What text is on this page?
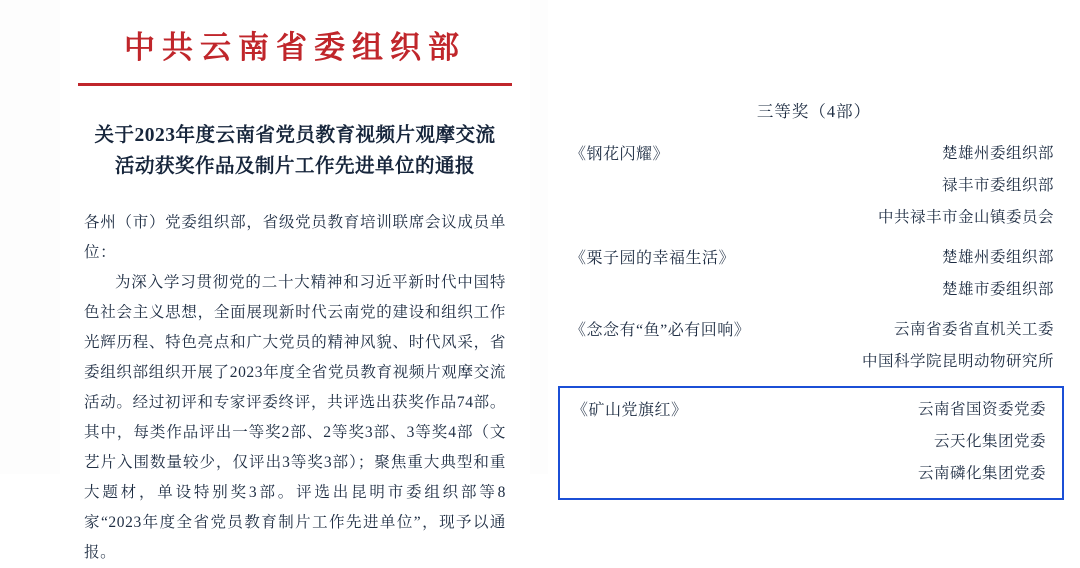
中共云南省委组织部
关于2023年度云南省党员教育视频片观摩交流
活动获奖作品及制片工作先进单位的通报

各州（市）党委组织部，省级党员教育培训联席会议成员单位：

为深入学习贯彻党的二十大精神和习近平新时代中国特色社会主义思想，全面展现新时代云南党的建设和组织工作光辉历程、特色亮点和广大党员的精神风貌、时代风采，省委组织部组织开展了2023年度全省党员教育视频片观摩交流活动。经过初评和专家评委终评，共评选出获奖作品74部。其中，每类作品评出一等奖2部、2等奖3部、3等奖4部（文艺片入围数量较少，仅评出3等奖3部）；聚焦重大典型和重大题材，单设特别奖3部。评选出昆明市委组织部等8家“2023年度全省党员教育制片工作先进单位”，现予以通报。

三等奖（4部）
《钢花闪耀》	楚雄州委组织部
禄丰市委组织部
中共禄丰市金山镇委员会
《栗子园的幸福生活》	楚雄州委组织部
楚雄市委组织部
《念念有“鱼”必有回响》	云南省委省直机关工委
中国科学院昆明动物研究所
《矿山党旗红》	云南省国资委党委
云天化集团党委
云南磷化集团党委
